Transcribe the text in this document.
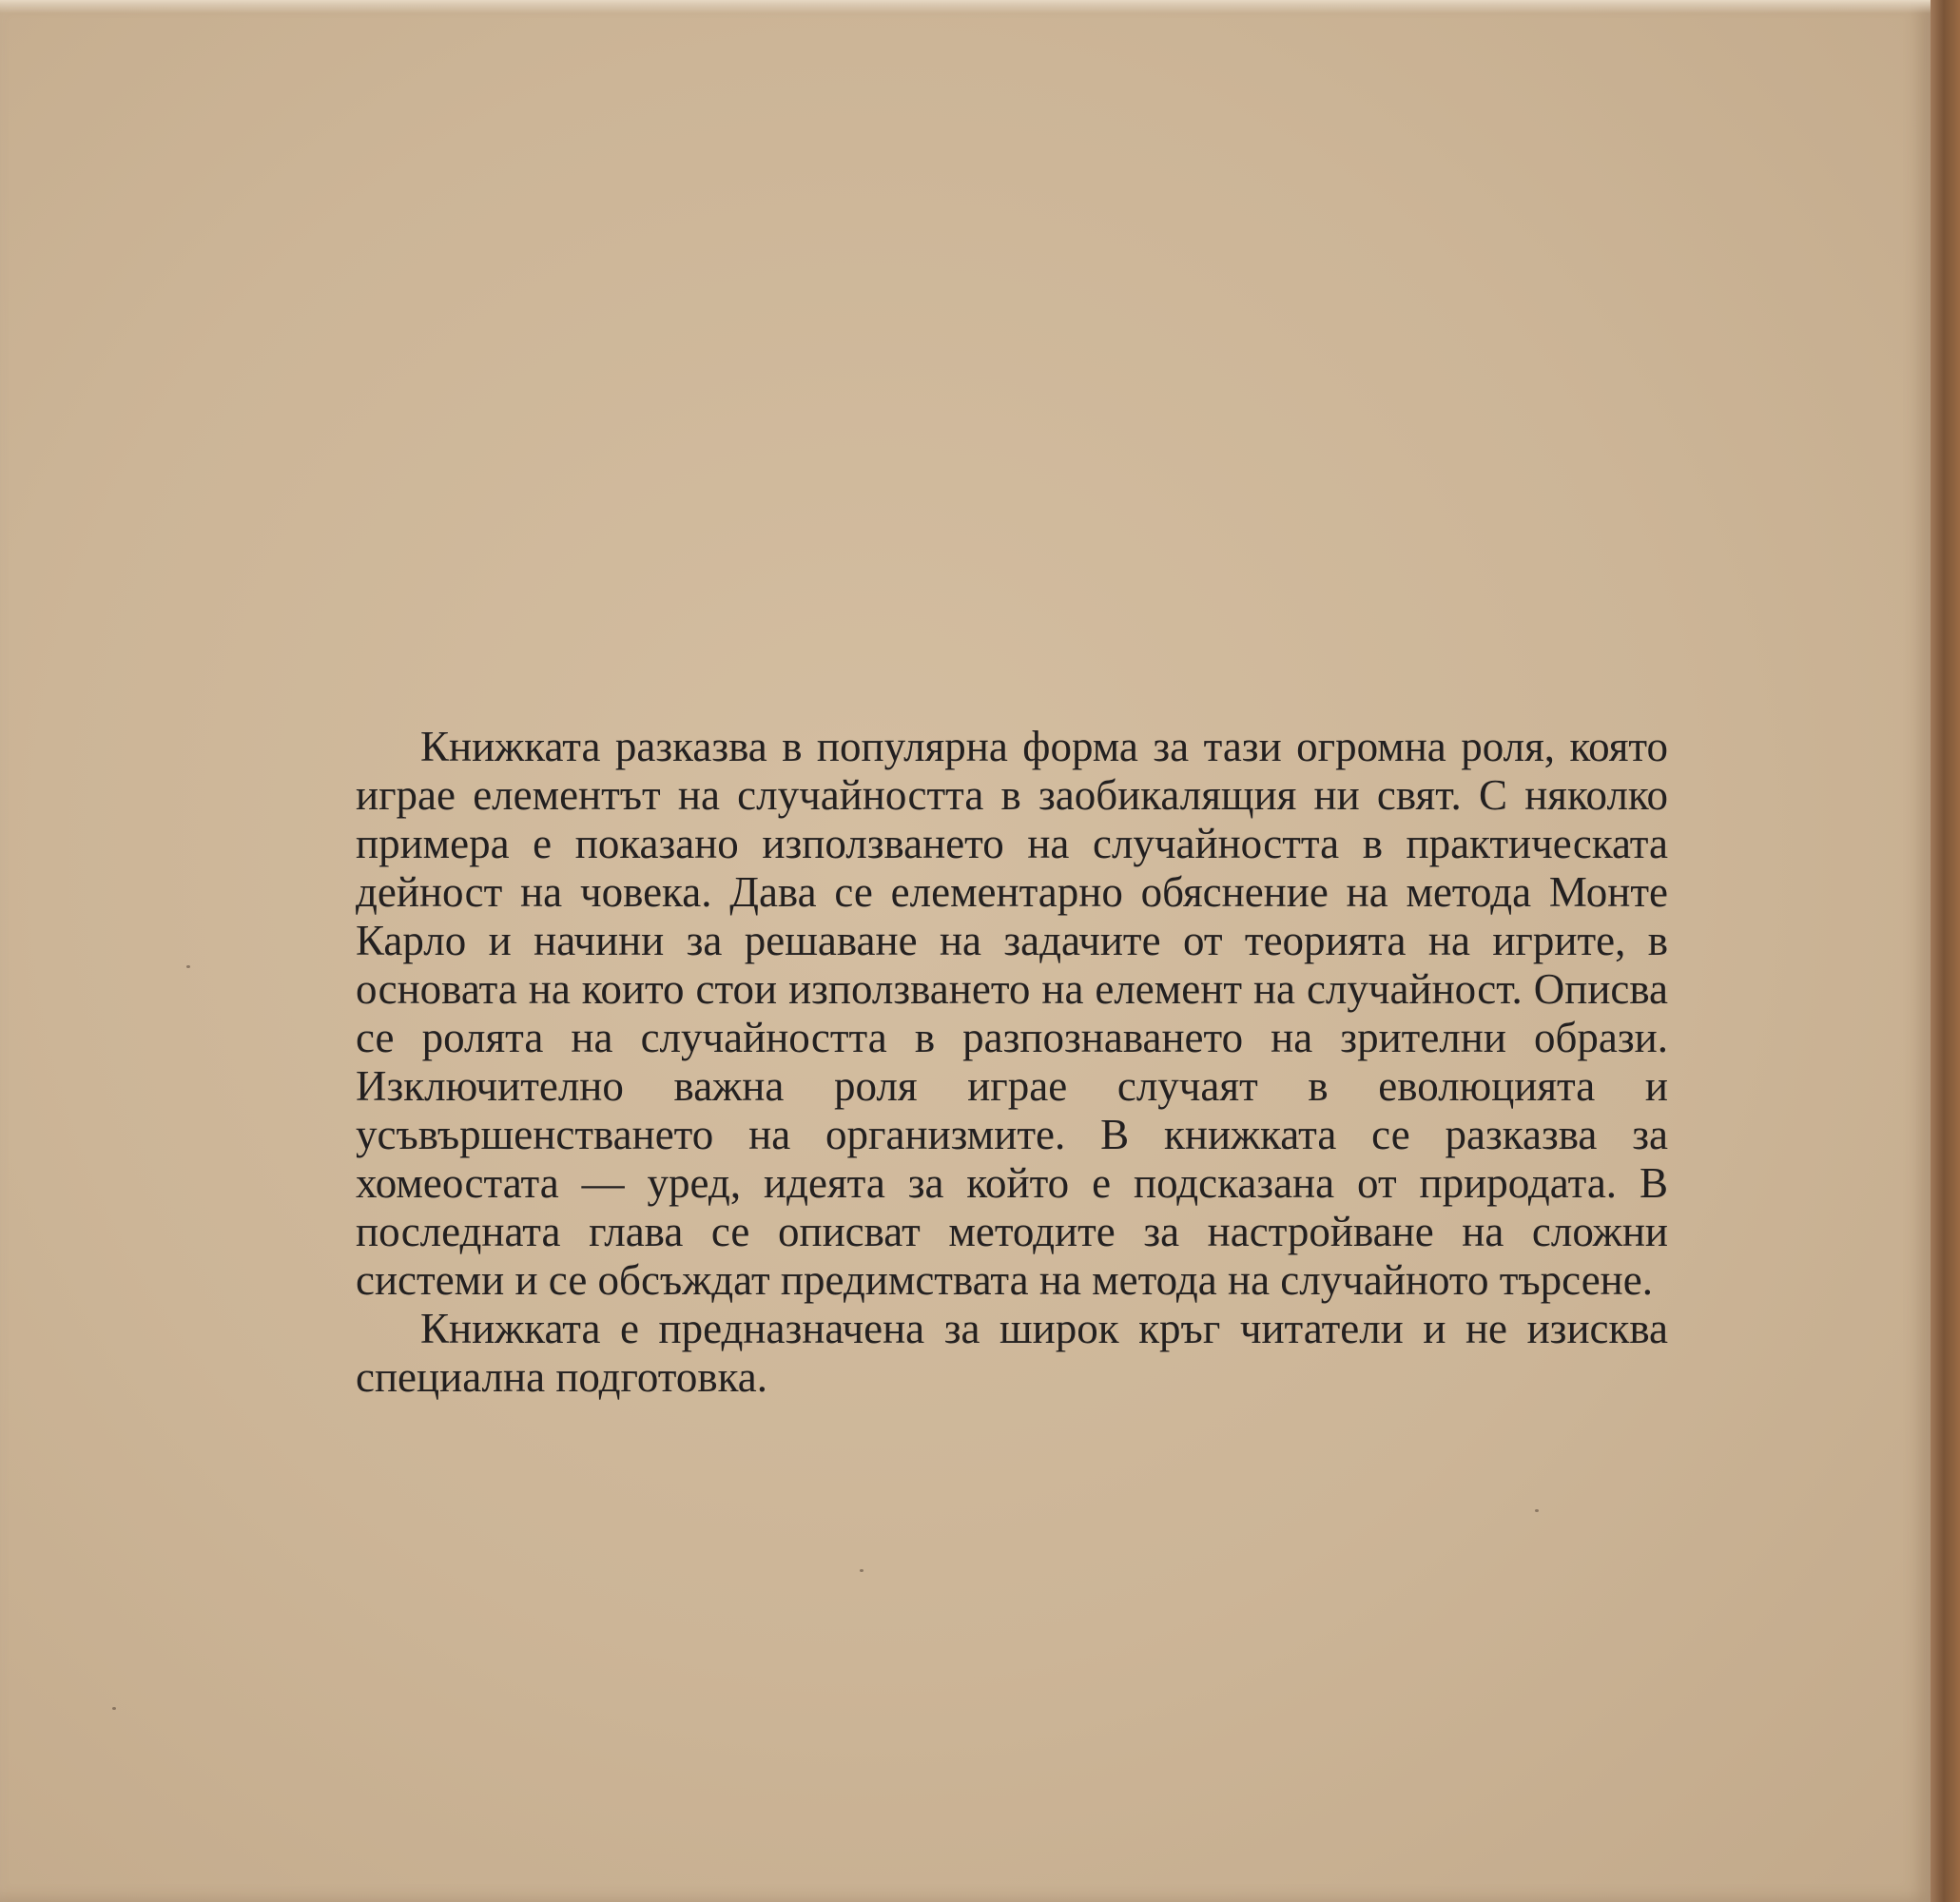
Книжката разказва в популярна форма за тази огромна роля, която играе елементът на случайността в заобикалящия ни свят. С няколко примера е показано използването на случайността в практическата дейност на човека. Дава се елементарно обяснение на метода Монте Карло и начини за решаване на задачите от теорията на игрите, в основата на които стои използването на елемент на случайност. Описва се ролята на случайността в разпознаването на зрителни образи. Изключително важна роля играе случаят в еволюцията и усъвършенстването на организмите. В книжката се разказва за хомеостата — уред, идеята за който е подсказана от природата. В последната глава се описват методите за настройване на сложни системи и се обсъждат предимствата на метода на случайното търсене.

Книжката е предназначена за широк кръг читатели и не изисква специална подготовка.
